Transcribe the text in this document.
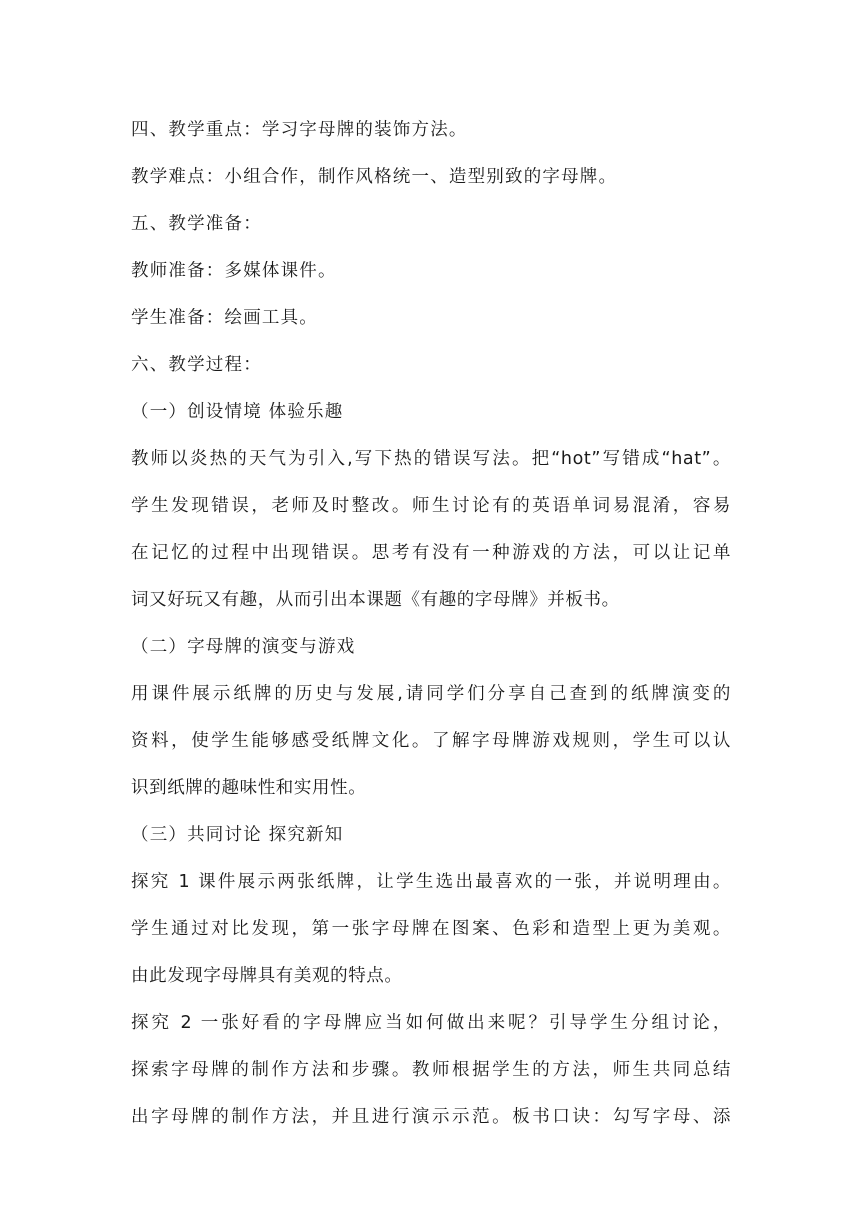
四、教学重点：学习字母牌的装饰方法。
教学难点：小组合作，制作风格统一、造型别致的字母牌。
五、教学准备：
教师准备：多媒体课件。
学生准备：绘画工具。
六、教学过程：
（一）创设情境 体验乐趣
教师以炎热的天气为引入,写下热的错误写法。把“hot”写错成“hat”。
学生发现错误，老师及时整改。师生讨论有的英语单词易混淆，容易
在记忆的过程中出现错误。思考有没有一种游戏的方法，可以让记单
词又好玩又有趣，从而引出本课题《有趣的字母牌》并板书。
（二）字母牌的演变与游戏
用课件展示纸牌的历史与发展,请同学们分享自己查到的纸牌演变的
资料，使学生能够感受纸牌文化。了解字母牌游戏规则，学生可以认
识到纸牌的趣味性和实用性。
（三）共同讨论 探究新知
探究 1 课件展示两张纸牌，让学生选出最喜欢的一张，并说明理由。
学生通过对比发现，第一张字母牌在图案、色彩和造型上更为美观。
由此发现字母牌具有美观的特点。
探究 2 一张好看的字母牌应当如何做出来呢？引导学生分组讨论，
探索字母牌的制作方法和步骤。教师根据学生的方法，师生共同总结
出字母牌的制作方法，并且进行演示示范。板书口诀：勾写字母、添
